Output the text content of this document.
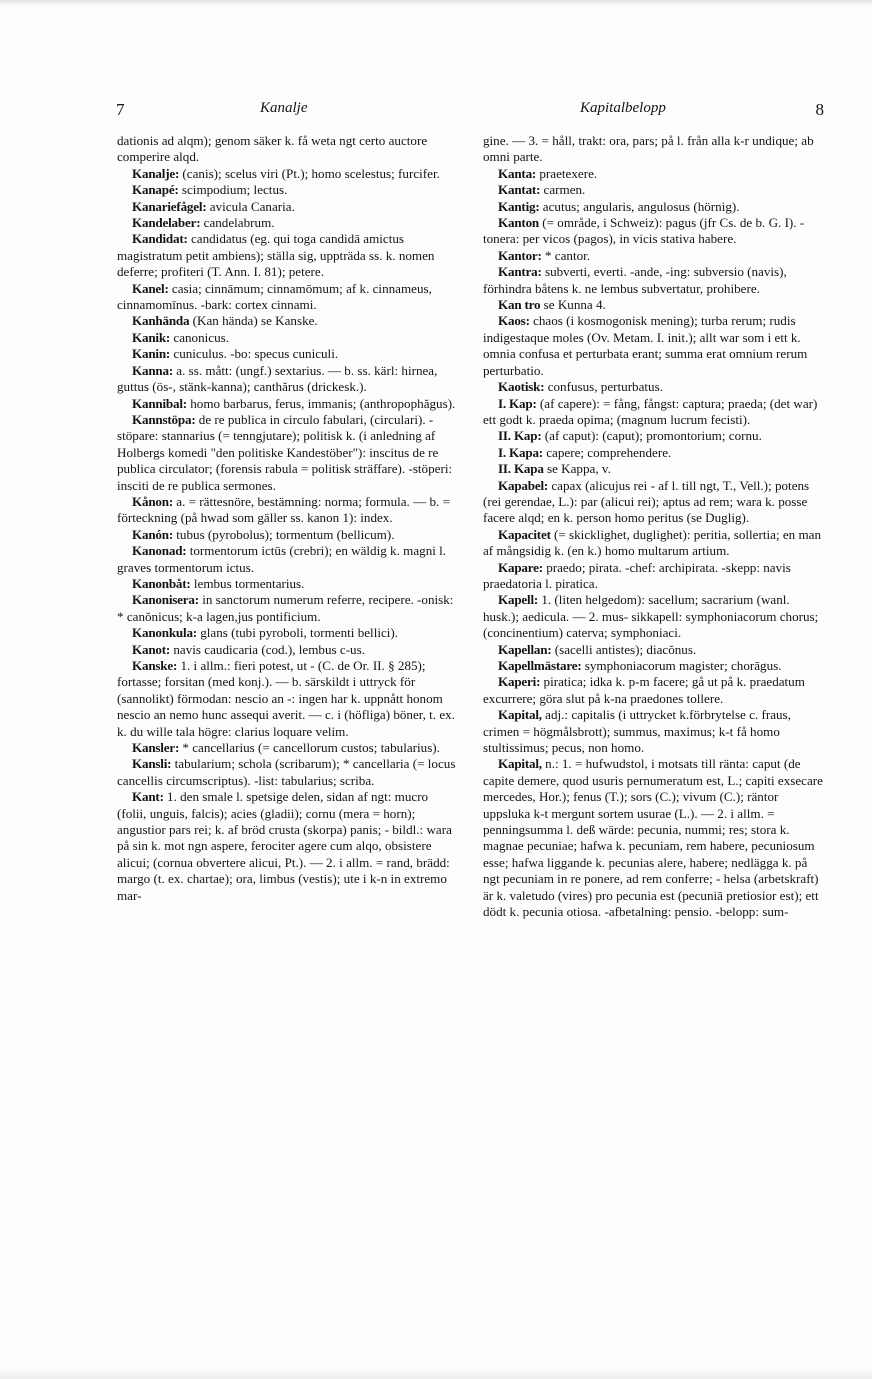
7	Kanalje	Kapitalbelopp	8

dationis ad alqm); genom säker k. få weta ngt certo auctore comperire alqd.

Kanalje: (canis); scelus viri (Pt.); homo scelestus; furcifer.

Kanapé: scimpodium; lectus.

Kanariefågel: avicula Canaria.

Kandelaber: candelabrum.

Kandidat: candidatus (eg. qui toga candidā amictus magistratum petit ambiens); ställa sig, uppträda ss. k. nomen deferre; profiteri (T. Ann. I. 81); petere.

Kanel: casia; cinnāmum; cinnamōmum; af k. cinnameus, cinnamomīnus. -bark: cortex cinnami.

Kanhända (Kan hända) se Kanske.

Kanik: canonicus.

Kanin: cuniculus. -bo: specus cuniculi.

Kanna: a. ss. mått: (ungf.) sextarius. — b. ss. kärl: hirnea, guttus (ös-, stänk-kanna); canthărus (drickesk.).

Kannibal: homo barbarus, ferus, immanis; (anthropophăgus).

Kannstöpa: de re publica in circulo fabulari, (circulari). -stöpare: stannarius (= tenngjutare); politisk k. (i anledning af Holbergs komedi "den politiske Kandestöber"): inscitus de re publica circulator; (forensis rabula = politisk sträffare). -stöperi: insciti de re publica sermones.

Kånon: a. = rättesnöre, bestämning: norma; formula. — b. = förteckning (på hwad som gäller ss. kanon 1): index.

Kanón: tubus (pyrobolus); tormentum (bellicum).

Kanonad: tormentorum ictūs (crebri); en wäldig k. magni l. graves tormentorum ictus.

Kanonbåt: lembus tormentarius.

Kanonisera: in sanctorum numerum referre, recipere. -onisk: * canŏnicus; k-a lagen,jus pontificium.

Kanonkula: glans (tubi pyroboli, tormenti bellici).

Kanot: navis caudicaria (cod.), lembus c-us.

Kanske: 1. i allm.: fieri potest, ut - (C. de Or. II. § 285); fortasse; forsitan (med konj.). — b. särskildt i uttryck för (sannolikt) förmodan: nescio an -: ingen har k. uppnått honom nescio an nemo hunc assequi averit. — c. i (höfliga) böner, t. ex. k. du wille tala högre: clarius loquare velim.

Kansler: * cancellarius (= cancellorum custos; tabularius).

Kansli: tabularium; schola (scribarum); * cancellaria (= locus cancellis circumscriptus). -list: tabularius; scriba.

Kant: 1. den smale l. spetsige delen, sidan af ngt: mucro (folii, unguis, falcis); acies (gladii); cornu (mera = horn); angustior pars rei; k. af bröd crusta (skorpa) panis; - bildl.: wara på sin k. mot ngn aspere, ferociter agere cum alqo, obsistere alicui; (cornua obvertere alicui, Pt.). — 2. i allm. = rand, brädd: margo (t. ex. chartae); ora, limbus (vestis); ute i k-n in extremo mar-

gine. — 3. = håll, trakt: ora, pars; på l. från alla k-r undique; ab omni parte.

Kanta: praetexere.

Kantat: carmen.

Kantig: acutus; angularis, angulosus (hörnig).

Kanton (= område, i Schweiz): pagus (jfr Cs. de b. G. I). -tonera: per vicos (pagos), in vicis stativa habere.

Kantor: * cantor.

Kantra: subverti, everti. -ande, -ing: subversio (navis), förhindra båtens k. ne lembus subvertatur, prohibere.

Kan tro se Kunna 4.

Kaos: chaos (i kosmogonisk mening); turba rerum; rudis indigestaque moles (Ov. Metam. I. init.); allt war som i ett k. omnia confusa et perturbata erant; summa erat omnium rerum perturbatio.

Kaotisk: confusus, perturbatus.

I. Kap: (af capere): = fång, fångst: captura; praeda; (det war) ett godt k. praeda opima; (magnum lucrum fecisti).

II. Kap: (af caput): (caput); promontorium; cornu.

I. Kapa: capere; comprehendere.

II. Kapa se Kappa, v.

Kapabel: capax (alicujus rei - af l. till ngt, T., Vell.); potens (rei gerendae, L.): par (alicui rei); aptus ad rem; wara k. posse facere alqd; en k. person homo peritus (se Duglig).

Kapacitet (= skicklighet, duglighet): peritia, sollertia; en man af mångsidig k. (en k.) homo multarum artium.

Kapare: praedo; pirata. -chef: archipirata. -skepp: navis praedatoria l. piratica.

Kapell: 1. (liten helgedom): sacellum; sacrarium (wanl. husk.); aedicula. — 2. mus- sikkapell: symphoniacorum chorus; (concinentium) caterva; symphoniaci.

Kapellan: (sacelli antistes); diacŏnus.

Kapellmästare: symphoniacorum magister; chorāgus.

Kaperi: piratica; idka k. p-m facere; gå ut på k. praedatum excurrere; göra slut på k-na praedones tollere.

Kapital, adj.: capitalis (i uttrycket k.förbrytelse c. fraus, crimen = högmålsbrott); summus, maximus; k-t få homo stultissimus; pecus, non homo.

Kapital, n.: 1. = hufwudstol, i motsats till ränta: caput (de capite demere, quod usuris pernumeratum est, L.; capiti exsecare mercedes, Hor.); fenus (T.); sors (C.); vivum (C.); räntor uppsluka k-t mergunt sortem usurae (L.). — 2. i allm. = penningsumma l. deß wärde: pecunia, nummi; res; stora k. magnae pecuniae; hafwa k. pecuniam, rem habere, pecuniosum esse; hafwa liggande k. pecunias alere, habere; nedlägga k. på ngt pecuniam in re ponere, ad rem conferre; - helsa (arbetskraft) är k. valetudo (vires) pro pecunia est (pecuniā pretiosior est); ett dödt k. pecunia otiosa. -afbetalning: pensio. -belopp: sum-
